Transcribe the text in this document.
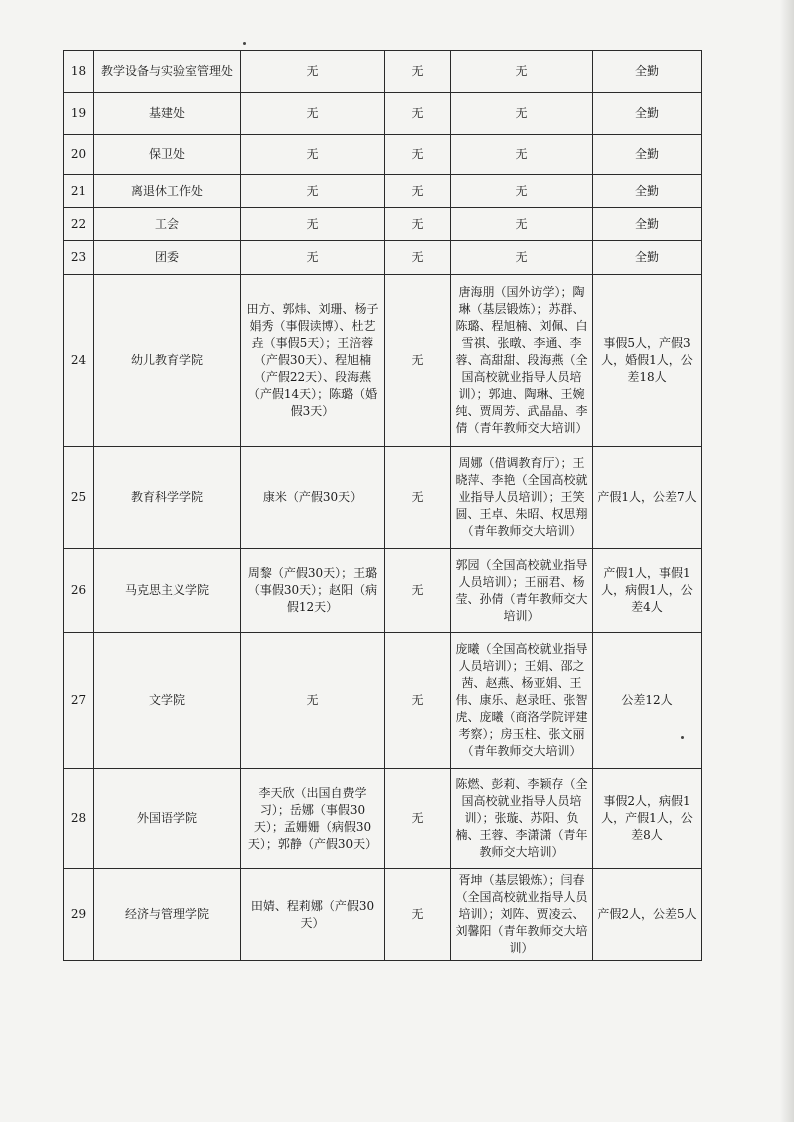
18	教学设备与实验室管理处	无	无	无	全勤
19	基建处	无	无	无	全勤
20	保卫处	无	无	无	全勤
21	离退休工作处	无	无	无	全勤
22	工会	无	无	无	全勤
23	团委	无	无	无	全勤
24	幼儿教育学院	田方、郭炜、刘珊、杨子娟秀（事假读博）、杜艺垚（事假5天）；王涪蓉（产假30天）、程旭楠（产假22天）、段海燕（产假14天）；陈璐（婚假3天）	无	唐海朋（国外访学）；陶琳（基层锻炼）；苏群、陈璐、程旭楠、刘佩、白雪祺、张暾、李通、李蓉、高甜甜、段海燕（全国高校就业指导人员培训）；郭迪、陶琳、王婉纯、贾周芳、武晶晶、李倩（青年教师交大培训）	事假5人，产假3人，婚假1人，公差18人
25	教育科学学院	康米（产假30天）	无	周娜（借调教育厅）；王晓萍、李艳（全国高校就业指导人员培训）；王笑圆、王卓、朱昭、权思翔（青年教师交大培训）	产假1人，公差7人
26	马克思主义学院	周黎（产假30天）；王璐（事假30天）；赵阳（病假12天）	无	郭园（全国高校就业指导人员培训）；王丽君、杨莹、孙倩（青年教师交大培训）	产假1人，事假1人，病假1人，公差4人
27	文学院	无	无	庞曦（全国高校就业指导人员培训）；王娟、邵之茜、赵燕、杨亚娟、王伟、康乐、赵录旺、张智虎、庞曦（商洛学院评建考察）；房玉柱、张文丽（青年教师交大培训）	公差12人
28	外国语学院	李天欣（出国自费学习）；岳娜（事假30天）；孟姗姗（病假30天）；郭静（产假30天）	无	陈燃、彭莉、李颖存（全国高校就业指导人员培训）；张璇、苏阳、负楠、王蓉、李潇潇（青年教师交大培训）	事假2人，病假1人，产假1人，公差8人
29	经济与管理学院	田婧、程莉娜（产假30天）	无	胥坤（基层锻炼）；闫春（全国高校就业指导人员培训）；刘阵、贾凌云、刘馨阳（青年教师交大培训）	产假2人，公差5人
